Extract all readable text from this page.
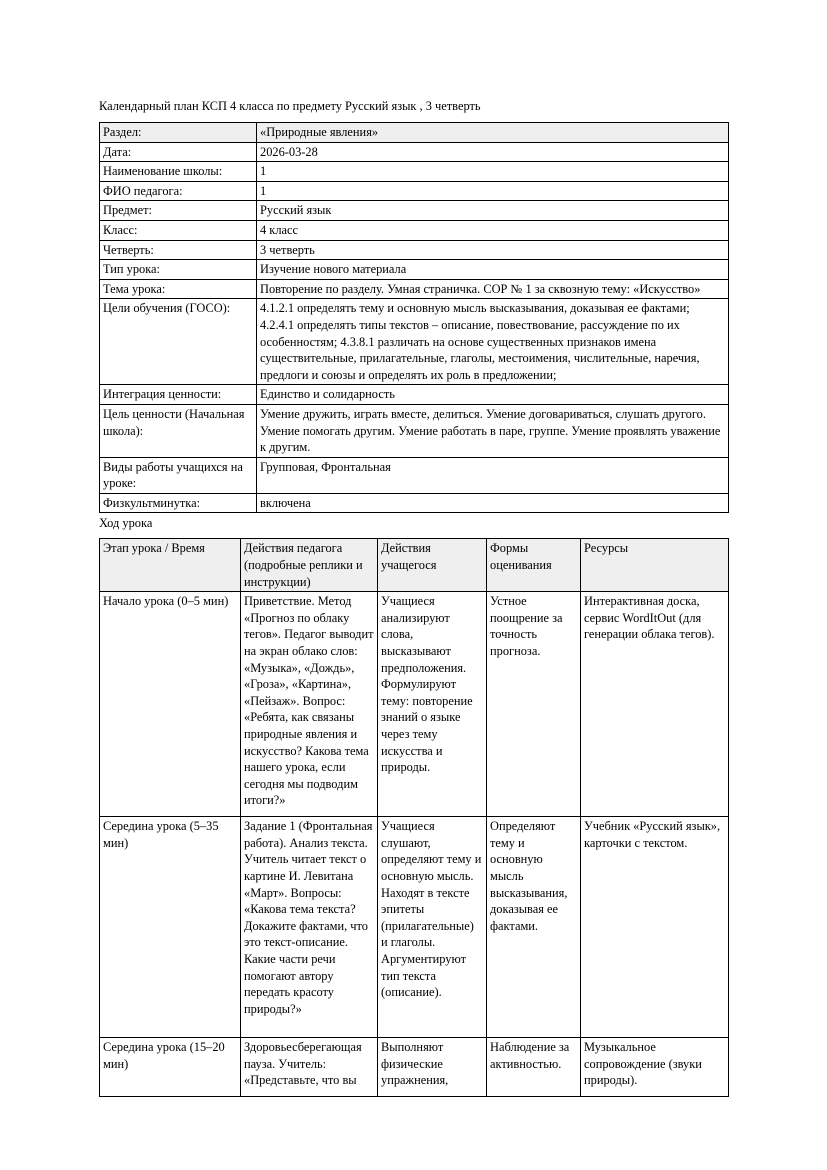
Календарный план КСП 4 класса по предмету Русский язык , 3 четверть

Раздел:	«Природные явления»
Дата:	2026-03-28
Наименование школы:	1
ФИО педагога:	1
Предмет:	Русский язык
Класс:	4 класс
Четверть:	3 четверть
Тип урока:	Изучение нового материала
Тема урока:	Повторение по разделу. Умная страничка. СОР № 1 за сквозную тему: «Искусство»
Цели обучения (ГОСО):	4.1.2.1 определять тему и основную мысль высказывания, доказывая ее фактами; 4.2.4.1 определять типы текстов – описание, повествование, рассуждение по их особенностям; 4.3.8.1 различать на основе существенных признаков имена существительные, прилагательные, глаголы, местоимения, числительные, наречия, предлоги и союзы и определять их роль в предложении;
Интеграция ценности:	Единство и солидарность
Цель ценности (Начальная школа):	Умение дружить, играть вместе, делиться. Умение договариваться, слушать другого. Умение помогать другим. Умение работать в паре, группе. Умение проявлять уважение к другим.
Виды работы учащихся на уроке:	Групповая, Фронтальная
Физкультминутка:	включена

Ход урока

Этап урока / Время	Действия педагога (подробные реплики и инструкции)	Действия учащегося	Формы оценивания	Ресурсы
Начало урока (0–5 мин)	Приветствие. Метод «Прогноз по облаку тегов». Педагог выводит на экран облако слов: «Музыка», «Дождь», «Гроза», «Картина», «Пейзаж». Вопрос: «Ребята, как связаны природные явления и искусство? Какова тема нашего урока, если сегодня мы подводим итоги?»	Учащиеся анализируют слова, высказывают предположения. Формулируют тему: повторение знаний о языке через тему искусства и природы.	Устное поощрение за точность прогноза.	Интерактивная доска, сервис WordItOut (для генерации облака тегов).
Середина урока (5–35 мин)	Задание 1 (Фронтальная работа). Анализ текста. Учитель читает текст о картине И. Левитана «Март». Вопросы: «Какова тема текста? Докажите фактами, что это текст-описание. Какие части речи помогают автору передать красоту природы?»	Учащиеся слушают, определяют тему и основную мысль. Находят в тексте эпитеты (прилагательные) и глаголы. Аргументируют тип текста (описание).	Определяют тему и основную мысль высказывания, доказывая ее фактами.	Учебник «Русский язык», карточки с текстом.
Середина урока (15–20 мин)	Здоровьесберегающая пауза. Учитель: «Представьте, что вы	Выполняют физические упражнения,	Наблюдение за активностью.	Музыкальное сопровождение (звуки природы).
